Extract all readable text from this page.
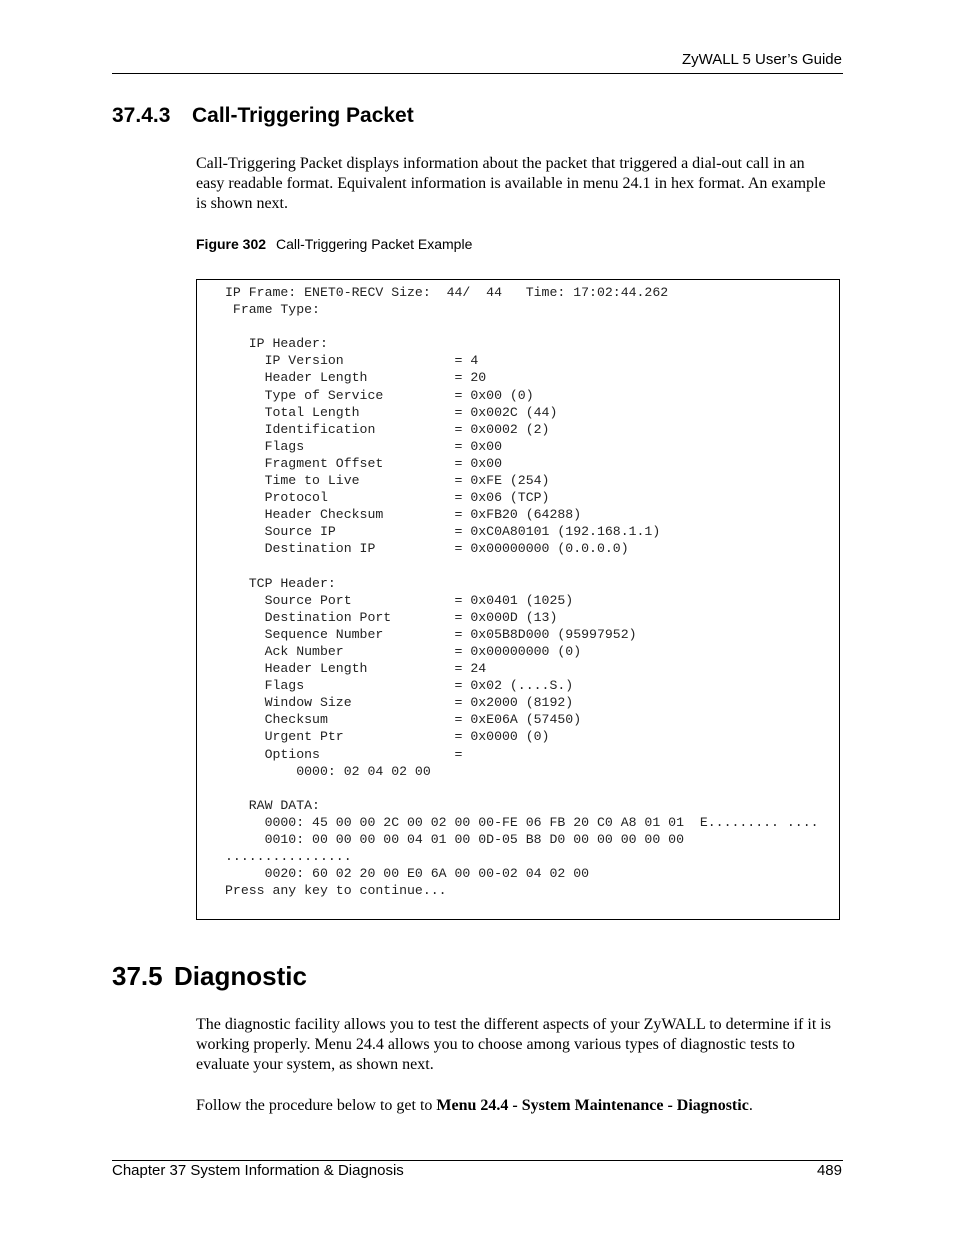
ZyWALL 5 User’s Guide
37.4.3 Call-Triggering Packet

Call-Triggering Packet displays information about the packet that triggered a dial-out call in an easy readable format. Equivalent information is available in menu 24.1 in hex format. An example is shown next.

Figure 302 Call-Triggering Packet Example
IP Frame: ENET0-RECV Size:  44/  44   Time: 17:02:44.262
Frame Type:

IP Header:
IP Version              = 4
Header Length           = 20
Type of Service         = 0x00 (0)
Total Length            = 0x002C (44)
Identification          = 0x0002 (2)
Flags                   = 0x00
Fragment Offset         = 0x00
Time to Live            = 0xFE (254)
Protocol                = 0x06 (TCP)
Header Checksum         = 0xFB20 (64288)
Source IP               = 0xC0A80101 (192.168.1.1)
Destination IP          = 0x00000000 (0.0.0.0)

TCP Header:
Source Port             = 0x0401 (1025)
Destination Port        = 0x000D (13)
Sequence Number         = 0x05B8D000 (95997952)
Ack Number              = 0x00000000 (0)
Header Length           = 24
Flags                   = 0x02 (....S.)
Window Size             = 0x2000 (8192)
Checksum                = 0xE06A (57450)
Urgent Ptr              = 0x0000 (0)
Options                 =
0000: 02 04 02 00

RAW DATA:
0000: 45 00 00 2C 00 02 00 00-FE 06 FB 20 C0 A8 01 01  E......... ....
0010: 00 00 00 00 04 01 00 0D-05 B8 D0 00 00 00 00 00
................
0020: 60 02 20 00 E0 6A 00 00-02 04 02 00
Press any key to continue...
37.5 Diagnostic

The diagnostic facility allows you to test the different aspects of your ZyWALL to determine if it is working properly. Menu 24.4 allows you to choose among various types of diagnostic tests to evaluate your system, as shown next.

Follow the procedure below to get to Menu 24.4 - System Maintenance - Diagnostic.

Chapter 37 System Information & Diagnosis	489
